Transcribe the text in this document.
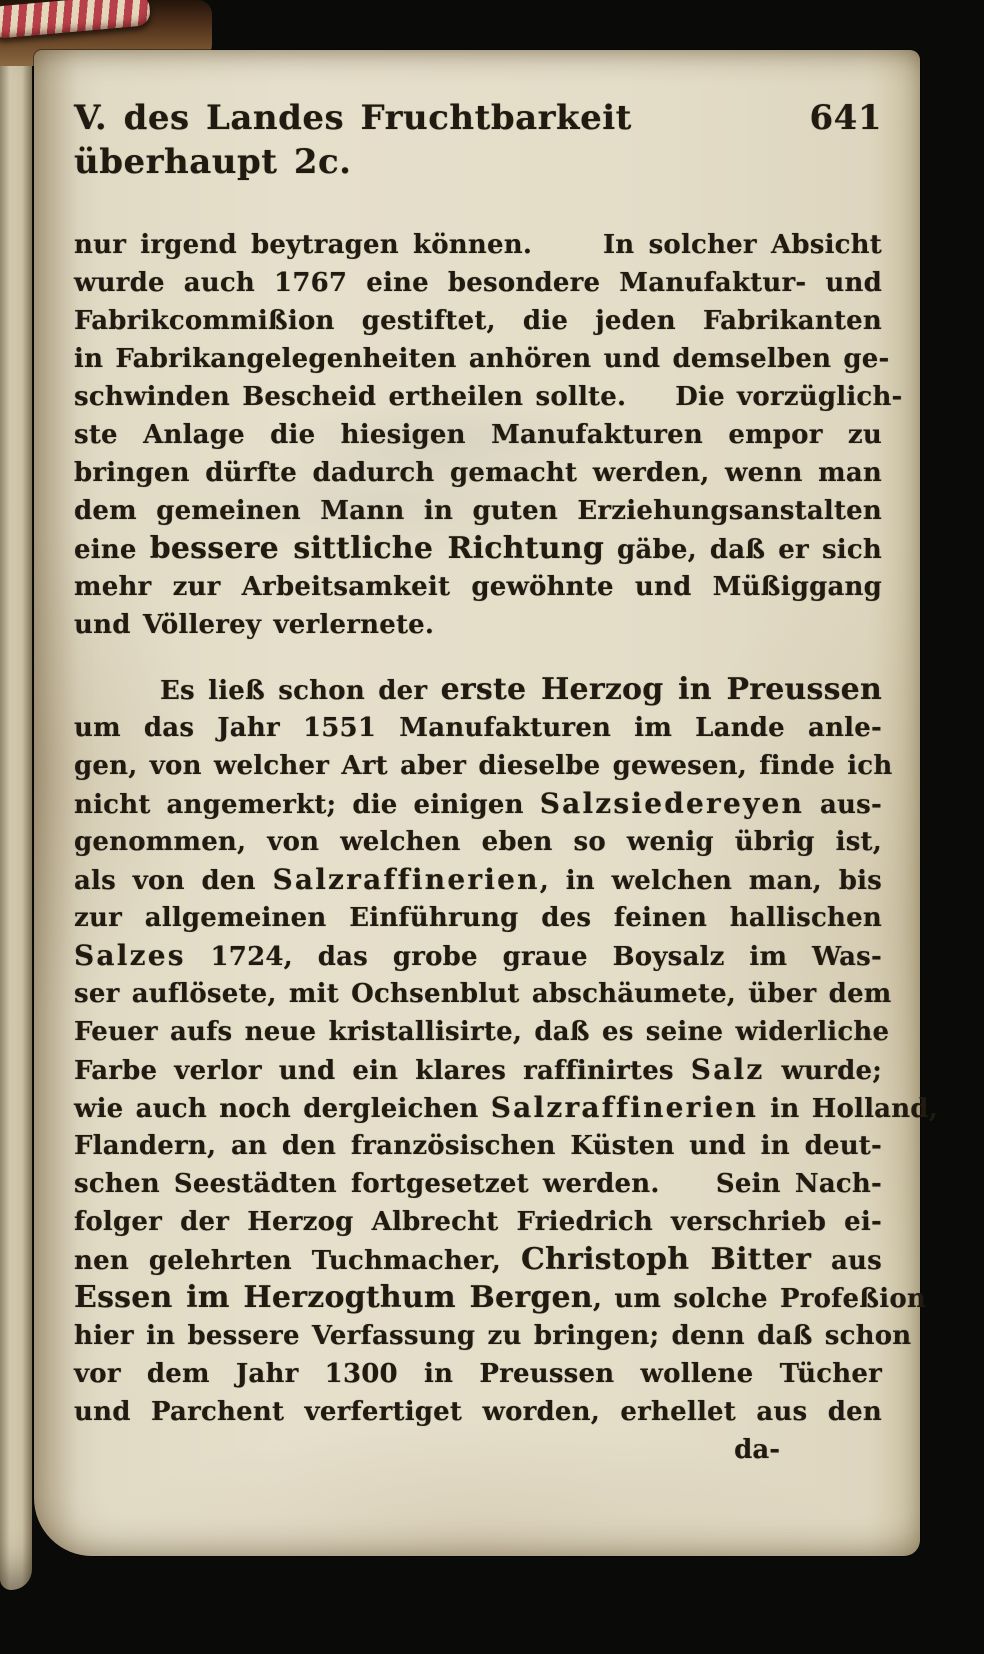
V. des Landes Fruchtbarkeit überhaupt 2c.
641
nur irgend beytragen können.     In solcher Absicht
wurde auch 1767 eine besondere Manufaktur- und
Fabrikcommißion gestiftet, die jeden Fabrikanten
in Fabrikangelegenheiten anhören und demselben ge-
schwinden Bescheid ertheilen sollte.    Die vorzüglich-
ste Anlage die hiesigen Manufakturen empor zu
bringen dürfte dadurch gemacht werden, wenn man
dem gemeinen Mann in guten Erziehungsanstalten
eine bessere sittliche Richtung gäbe, daß er sich
mehr zur Arbeitsamkeit gewöhnte und Müßiggang
und Völlerey verlernete.
Es ließ schon der erste Herzog in Preussen
um das Jahr 1551 Manufakturen im Lande anle-
gen, von welcher Art aber dieselbe gewesen, finde ich
nicht angemerkt; die einigen Salzsiedereyen aus-
genommen, von welchen eben so wenig übrig ist,
als von den Salzraffinerien, in welchen man, bis
zur allgemeinen Einführung des feinen hallischen
Salzes 1724, das grobe graue Boysalz im Was-
ser auflösete, mit Ochsenblut abschäumete, über dem
Feuer aufs neue kristallisirte, daß es seine widerliche
Farbe verlor und ein klares raffinirtes Salz wurde;
wie auch noch dergleichen Salzraffinerien in Holland,
Flandern, an den französischen Küsten und in deut-
schen Seestädten fortgesetzet werden.    Sein Nach-
folger der Herzog Albrecht Friedrich verschrieb ei-
nen gelehrten Tuchmacher, Christoph Bitter aus
Essen im Herzogthum Bergen, um solche Profeßion
hier in bessere Verfassung zu bringen; denn daß schon
vor dem Jahr 1300 in Preussen wollene Tücher
und Parchent verfertiget worden, erhellet aus den
da-
